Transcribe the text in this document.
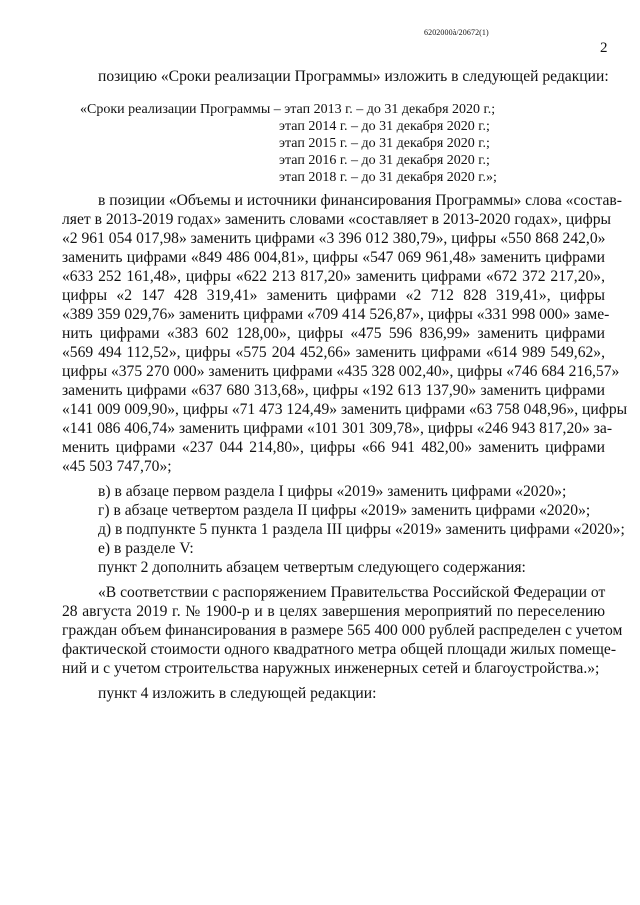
6202000à/20672(1)
2
позицию «Сроки реализации Программы» изложить в следующей редакции:
«Сроки реализации Программы – этап 2013 г. – до 31 декабря 2020 г.;
этап 2014 г. – до 31 декабря 2020 г.;
этап 2015 г. – до 31 декабря 2020 г.;
этап 2016 г. – до 31 декабря 2020 г.;
этап 2018 г. – до 31 декабря 2020 г.»;
в позиции «Объемы и источники финансирования Программы» слова «состав-
ляет в 2013-2019 годах» заменить словами «составляет в 2013-2020 годах», цифры
«2 961 054 017,98» заменить цифрами «3 396 012 380,79», цифры «550 868 242,0»
заменить цифрами «849 486 004,81», цифры «547 069 961,48» заменить цифрами
«633 252 161,48», цифры «622 213 817,20» заменить цифрами «672 372 217,20»,
цифры «2 147 428 319,41» заменить цифрами «2 712 828 319,41», цифры
«389 359 029,76» заменить цифрами «709 414 526,87», цифры «331 998 000» заме-
нить цифрами «383 602 128,00», цифры «475 596 836,99» заменить цифрами
«569 494 112,52», цифры «575 204 452,66» заменить цифрами «614 989 549,62»,
цифры «375 270 000» заменить цифрами «435 328 002,40», цифры «746 684 216,57»
заменить цифрами «637 680 313,68», цифры «192 613 137,90» заменить цифрами
«141 009 009,90», цифры «71 473 124,49» заменить цифрами «63 758 048,96», цифры
«141 086 406,74» заменить цифрами «101 301 309,78», цифры «246 943 817,20» за-
менить цифрами «237 044 214,80», цифры «66 941 482,00» заменить цифрами
«45 503 747,70»;
в) в абзаце первом раздела I цифры «2019» заменить цифрами «2020»;
г) в абзаце четвертом раздела II цифры «2019» заменить цифрами «2020»;
д) в подпункте 5 пункта 1 раздела III цифры «2019» заменить цифрами «2020»;
е) в разделе V:
пункт 2 дополнить абзацем четвертым следующего содержания:
«В соответствии с распоряжением Правительства Российской Федерации от
28 августа 2019 г. № 1900-р и в целях завершения мероприятий по переселению
граждан объем финансирования в размере 565 400 000 рублей распределен с учетом
фактической стоимости одного квадратного метра общей площади жилых помеще-
ний и с учетом строительства наружных инженерных сетей и благоустройства.»;
пункт 4 изложить в следующей редакции:
